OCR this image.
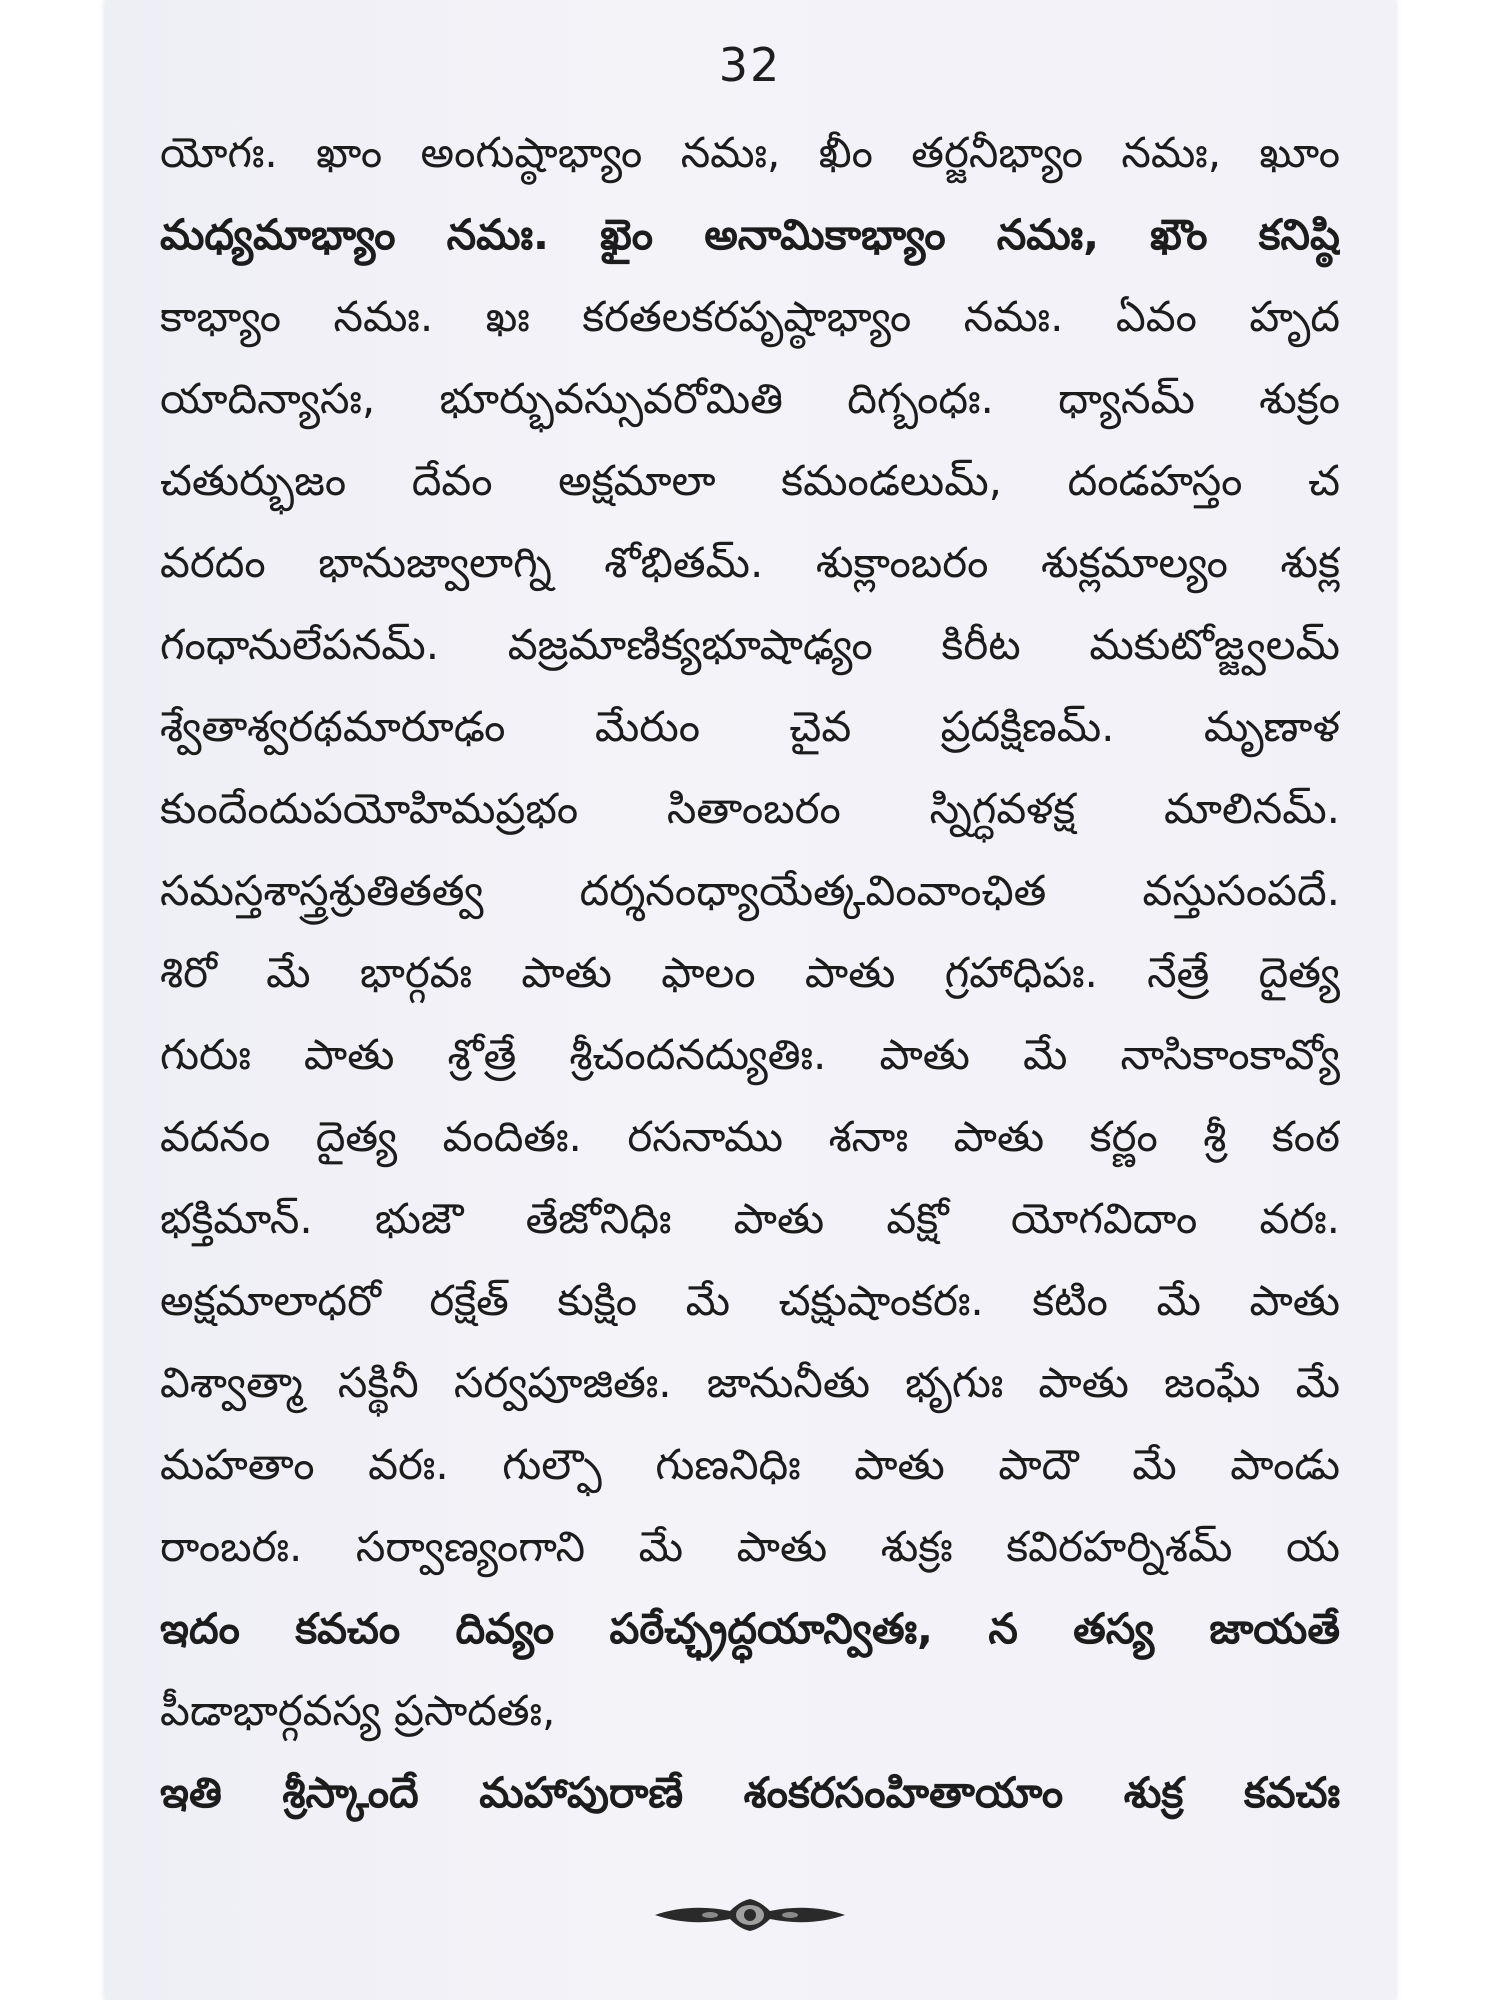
32
యోగః. ఖాం అంగుష్ఠాభ్యాం నమః, ఖీం తర్జనీభ్యాం నమః, ఖూం
మధ్యమాభ్యాం నమః. ఖైం అనామికాభ్యాం నమః, ఖౌం కనిష్ఠి
కాభ్యాం నమః. ఖః కరతలకరపృష్ఠాభ్యాం నమః. ఏవం హృద
యాదిన్యాసః, భూర్భువస్సువరోమితి దిగ్బంధః. ధ్యానమ్ శుక్రం
చతుర్భుజం దేవం అక్షమాలా కమండలుమ్, దండహస్తం చ
వరదం భానుజ్వాలాగ్ని శోభితమ్. శుక్లాంబరం శుక్లమాల్యం శుక్ల
గంధానులేపనమ్. వజ్రమాణిక్యభూషాఢ్యం కిరీట మకుటోజ్జ్వలమ్
శ్వేతాశ్వరథమారూఢం మేరుం చైవ ప్రదక్షిణమ్. మృణాళ
కుందేందుపయోహిమప్రభం సితాంబరం స్నిగ్ధవళక్ష మాలినమ్.
సమస్తశాస్త్రశ్రుతితత్వ దర్శనంధ్యాయేత్కవింవాంఛిత వస్తుసంపదే.
శిరో మే భార్గవః పాతు ఫాలం పాతు గ్రహాధిపః. నేత్రే దైత్య
గురుః పాతు శ్రోత్రే శ్రీచందనద్యుతిః. పాతు మే నాసికాంకావ్యో
వదనం దైత్య వందితః. రసనాము శనాః పాతు కర్ణం శ్రీ కంఠ
భక్తిమాన్. భుజౌ తేజోనిధిః పాతు వక్షో యోగవిదాం వరః.
అక్షమాలాధరో రక్షేత్ కుక్షిం మే చక్షుషాంకరః. కటిం మే పాతు
విశ్వాత్మా సక్థినీ సర్వపూజితః. జానునీతు భృగుః పాతు జంఘే మే
మహతాం వరః. గుల్ఫౌ గుణనిధిః పాతు పాదౌ మే పాండు
రాంబరః. సర్వాణ్యంగాని మే పాతు శుక్రః కవిరహర్నిశమ్ య
ఇదం కవచం దివ్యం పఠేచ్ఛ్రద్ధయాన్వితః, న తస్య జాయతే
పీడాభార్గవస్య ప్రసాదతః,
ఇతి శ్రీస్కాందే మహాపురాణే శంకరసంహితాయాం శుక్ర కవచః
